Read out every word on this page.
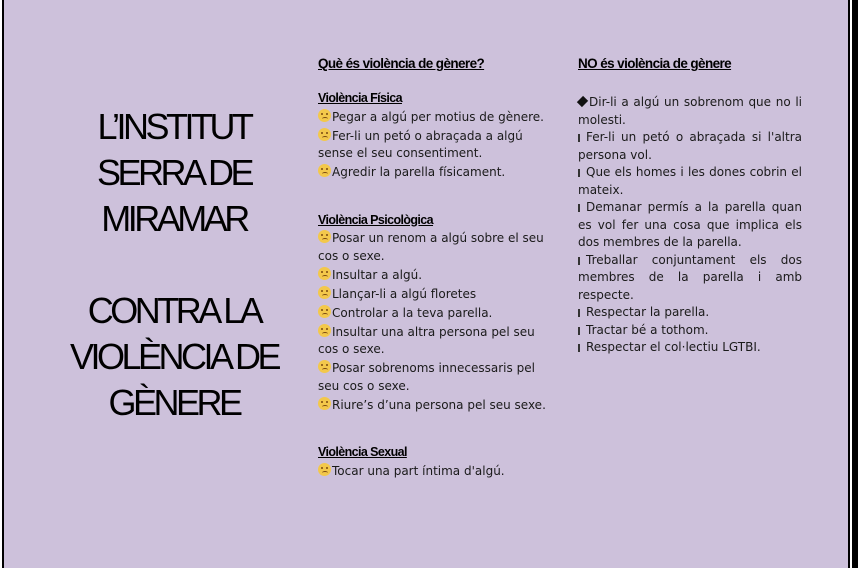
L’INSTITUT
SERRA DE
MIRAMAR
CONTRA LA
VIOLÈNCIA DE
GÈNERE
Què és violència de gènere?
Violència Física
Pegar a algú per motius de gènere.
Fer-li un petó o abraçada a algú sense el seu consentiment.
Agredir la parella físicament.
Violència Psicològica
Posar un renom a algú sobre el seu cos o sexe.
Insultar a algú.
Llançar-li a algú floretes
Controlar a la teva parella.
Insultar una altra persona pel seu cos o sexe.
Posar sobrenoms innecessaris pel seu cos o sexe.
Riure’s d’una persona pel seu sexe.
Violència Sexual
Tocar una part íntima d'algú.
NO és violència de gènere
Dir-li a algú un sobrenom que no li molesti.
Fer-li un petó o abraçada si l'altra persona vol.
Que els homes i les dones cobrin el mateix.
Demanar permís a la parella quan es vol fer una cosa que implica els dos membres de la parella.
Treballar conjuntament els dos membres de la parella i amb respecte.
Respectar la parella.
Tractar bé a tothom.
Respectar el col·lectiu LGTBI.
